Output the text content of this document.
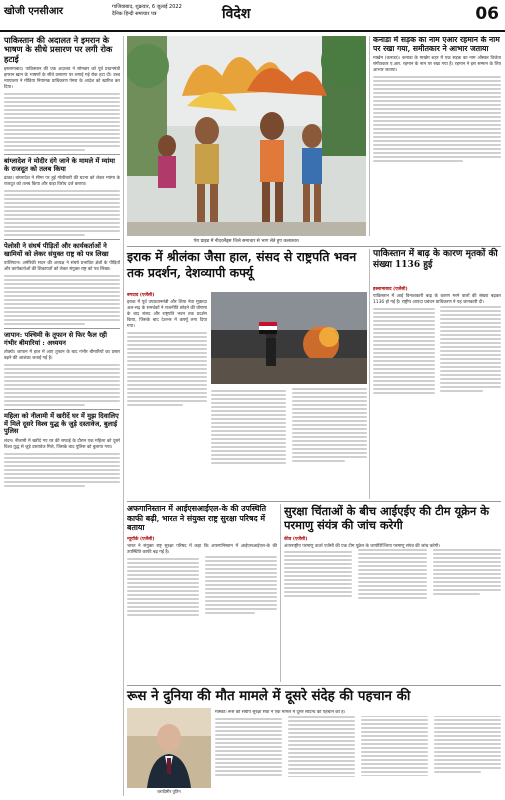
खोजी एनसीआर	गाजियाबाद, शुक्रवार, 6 जुलाई 2022
दैनिक हिन्दी समाचार पत्र	विदेश	06
पाकिस्तान की अदालत ने इमरान के भाषण के सीधे प्रसारण पर लगी रोक हटाई
इस्लामाबाद। पाकिस्तान की एक अदालत ने सोमवार को पूर्व प्रधानमंत्री इमरान खान के भाषणों के सीधे प्रसारण पर लगाई गई रोक हटा दी। उच्च न्यायालय ने मीडिया नियामक प्राधिकरण पेमरा के आदेश को खारिज कर दिया।
बांग्लादेश ने मोदीर दंगे जाने के मामले में म्यांमा के राजदूत को तलब किया
ढाका। बांग्लादेश ने सीमा पर हुई गोलीबारी की घटना को लेकर म्यांमा के राजदूत को तलब किया और कड़ा विरोध दर्ज कराया।
पेलोसी ने संघर्ष पीड़ितों और कार्यकर्ताओं ने खामियों को लेकर संयुक्त राष्ट्र को पत्र लिखा
वाशिंगटन। अमेरिकी सदन की अध्यक्ष ने संघर्ष प्रभावित क्षेत्रों के पीड़ितों और कार्यकर्ताओं की शिकायतों को लेकर संयुक्त राष्ट्र को पत्र लिखा।
जापान: पश्चिमी के तूफान से फिर फैल रही गंभीर बीमारियां : अध्ययन
तोक्यो। जापान में हाल में आए तूफान के बाद गंभीर बीमारियों का प्रसार बढ़ने की आशंका जताई गई है।
महिला को नीलामी में खरीदें घर में मुझ दिवालिए में मिले दूसरे विश्व युद्ध के जुड़े दस्तावेज, बुलाई पुलिस
लंदन। नीलामी में खरीदे गए घर की सफाई के दौरान एक महिला को दूसरे विश्व युद्ध से जुड़े दस्तावेज मिले, जिसके बाद पुलिस को बुलाया गया।
पेरा प्राइड में नीदरलैंड्स जिले समाचार से भाग लेते हुए कलाकार।
कनाडा में सड़क का नाम एआर रहमान के नाम पर रखा गया, समीतकार ने आभार जताया
मार्खम (कनाडा)। कनाडा के मार्खम शहर में एक सड़क का नाम ऑस्कर विजेता संगीतकार ए.आर. रहमान के नाम पर रखा गया है। रहमान ने इस सम्मान के लिए आभार जताया।
इराक में श्रीलंका जैसा हाल, संसद से राष्ट्रपति भवन तक प्रदर्शन, देशव्यापी कर्फ्यू
बगदाद (एजेंसी)
इराक में पूर्व उपप्रधानमंत्री और शिया नेता मुक़्तदा अल-सद्र के समर्थकों ने राजनीति छोड़ने की घोषणा के बाद संसद और राष्ट्रपति भवन तक प्रदर्शन किया, जिसके बाद देशभर में कर्फ्यू लगा दिया गया।
पाकिस्तान में बाढ़ के कारण मृतकों की संख्या 1136 हुई
इस्लामाबाद (एजेंसी)
पाकिस्तान में आई विनाशकारी बाढ़ के कारण मरने वालों की संख्या बढ़कर 1136 हो गई है। राष्ट्रीय आपदा प्रबंधन प्राधिकरण ने यह जानकारी दी।
अफगानिस्तान में आईएसआईएल-के की उपस्थिति काफी बढ़ी, भारत ने संयुक्त राष्ट्र सुरक्षा परिषद में बताया
न्यूयॉर्क (एजेंसी)
भारत ने संयुक्त राष्ट्र सुरक्षा परिषद में कहा कि अफगानिस्तान में आईएसआईएल-के की उपस्थिति काफी बढ़ गई है।
सुरक्षा चिंताओं के बीच आईएईए की टीम यूक्रेन के परमाणु संयंत्र की जांच करेगी
कीव (एजेंसी)
अंतरराष्ट्रीय परमाणु ऊर्जा एजेंसी की एक टीम यूक्रेन के जापोरिज्जिया परमाणु संयंत्र की जांच करेगी।
रूस ने दुनिया की मौत मामले में दूसरे संदेह की पहचान की
व्लादिमीर पुतिन
मॉस्को। रूस की संघीय सुरक्षा सेवा ने एक मामले में दूसरे संदिग्ध की पहचान की है।
